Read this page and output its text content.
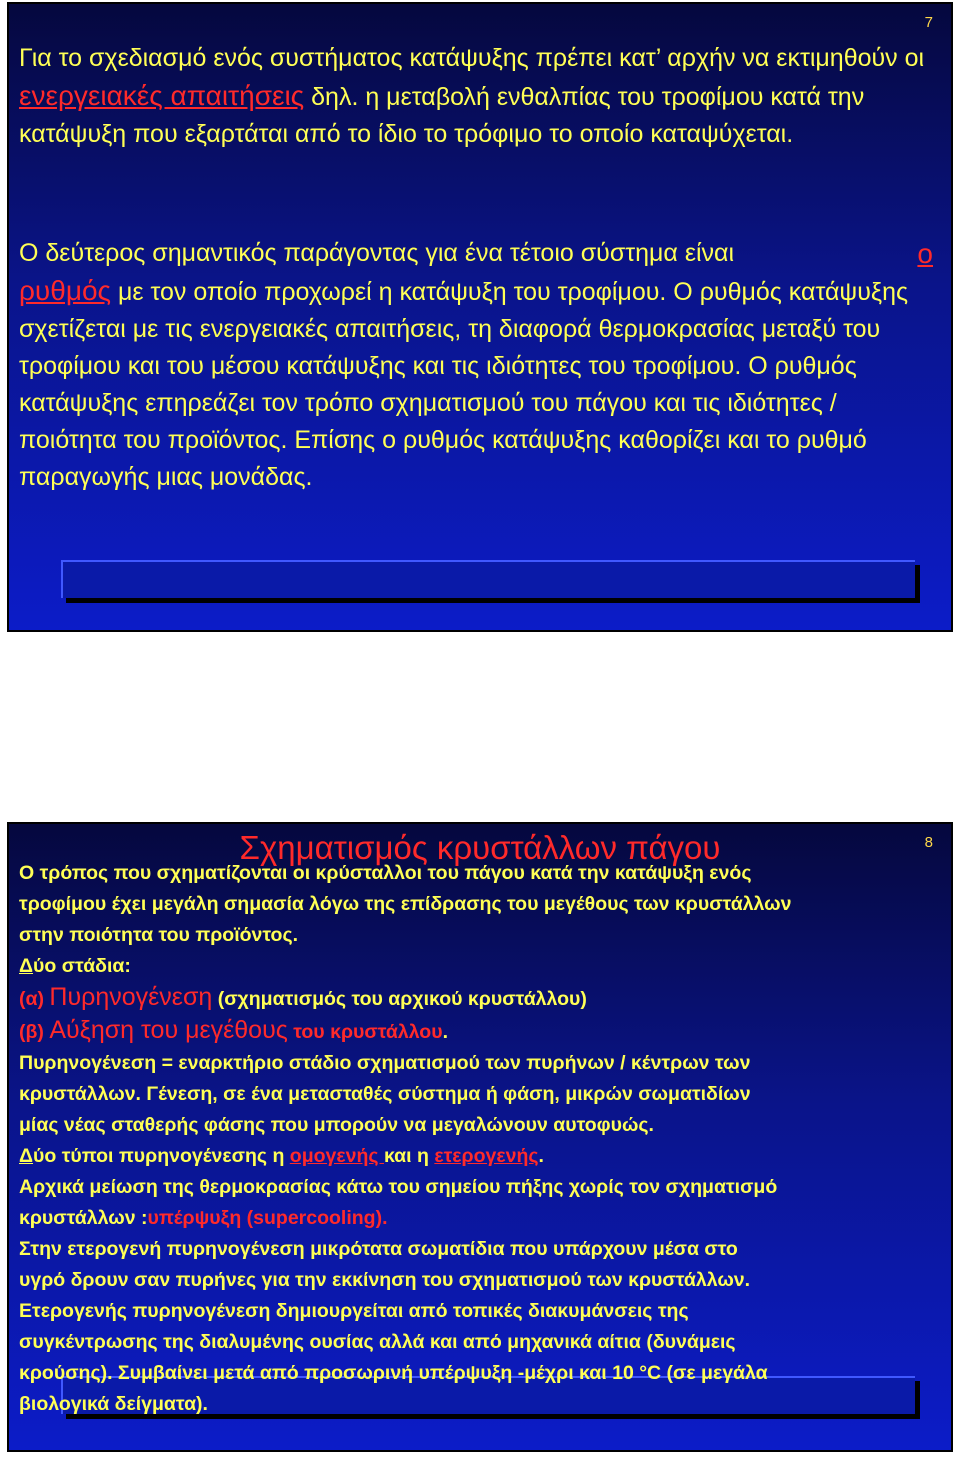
7

Για το σχεδιασμό ενός συστήματος κατάψυξης πρέπει κατ’ αρχήν να εκτιμηθούν οι ενεργειακές απαιτήσεις δηλ. η μεταβολή ενθαλπίας του τροφίμου κατά την κατάψυξη που εξαρτάται από το ίδιο το τρόφιμο το οποίο καταψύχεται.

Ο δεύτερος σημαντικός παράγοντας για ένα τέτοιο σύστημα είναι	ο

ρυθμός με τον οποίο προχωρεί η κατάψυξη του τροφίμου. Ο ρυθμός κατάψυξης σχετίζεται με τις ενεργειακές απαιτήσεις, τη διαφορά θερμοκρασίας μεταξύ του τροφίμου και του μέσου κατάψυξης και τις ιδιότητες του τροφίμου. Ο ρυθμός κατάψυξης επηρεάζει τον τρόπο σχηματισμού του πάγου και τις ιδιότητες / ποιότητα του προϊόντος. Επίσης ο ρυθμός κατάψυξης καθορίζει και το ρυθμό παραγωγής μιας μονάδας.

8

Σχηματισμός κρυστάλλων πάγου

Ο τρόπος που σχηματίζονται οι κρύσταλλοι του πάγου κατά την κατάψυξη ενός
τροφίμου έχει μεγάλη σημασία λόγω της επίδρασης του μεγέθους των κρυστάλλων
στην ποιότητα του προϊόντος.
Δύο στάδια:
(α) Πυρηνογένεση (σχηματισμός του αρχικού κρυστάλλου)
(β) Αύξηση του μεγέθους του κρυστάλλου.
Πυρηνογένεση = εναρκτήριο στάδιο σχηματισμού των πυρήνων / κέντρων των
κρυστάλλων. Γένεση, σε ένα μετασταθές σύστημα ή φάση, μικρών σωματιδίων
μίας νέας σταθερής φάσης που μπορούν να μεγαλώνουν αυτοφυώς.
Δύο τύποι πυρηνογένεσης η ομογενής και η ετερογενής.
Αρχικά μείωση της θερμοκρασίας κάτω του σημείου πήξης χωρίς τον σχηματισμό
κρυστάλλων :υπέρψυξη (supercooling).
Στην ετερογενή πυρηνογένεση μικρότατα σωματίδια που υπάρχουν μέσα στο
υγρό δρουν σαν πυρήνες για την εκκίνηση του σχηματισμού των κρυστάλλων.
Ετερογενής πυρηνογένεση δημιουργείται από τοπικές διακυμάνσεις της
συγκέντρωσης της διαλυμένης ουσίας αλλά και από μηχανικά αίτια (δυνάμεις
κρούσης). Συμβαίνει μετά από προσωρινή υπέρψυξη -μέχρι και 10 °C (σε μεγάλα
βιολογικά δείγματα).
